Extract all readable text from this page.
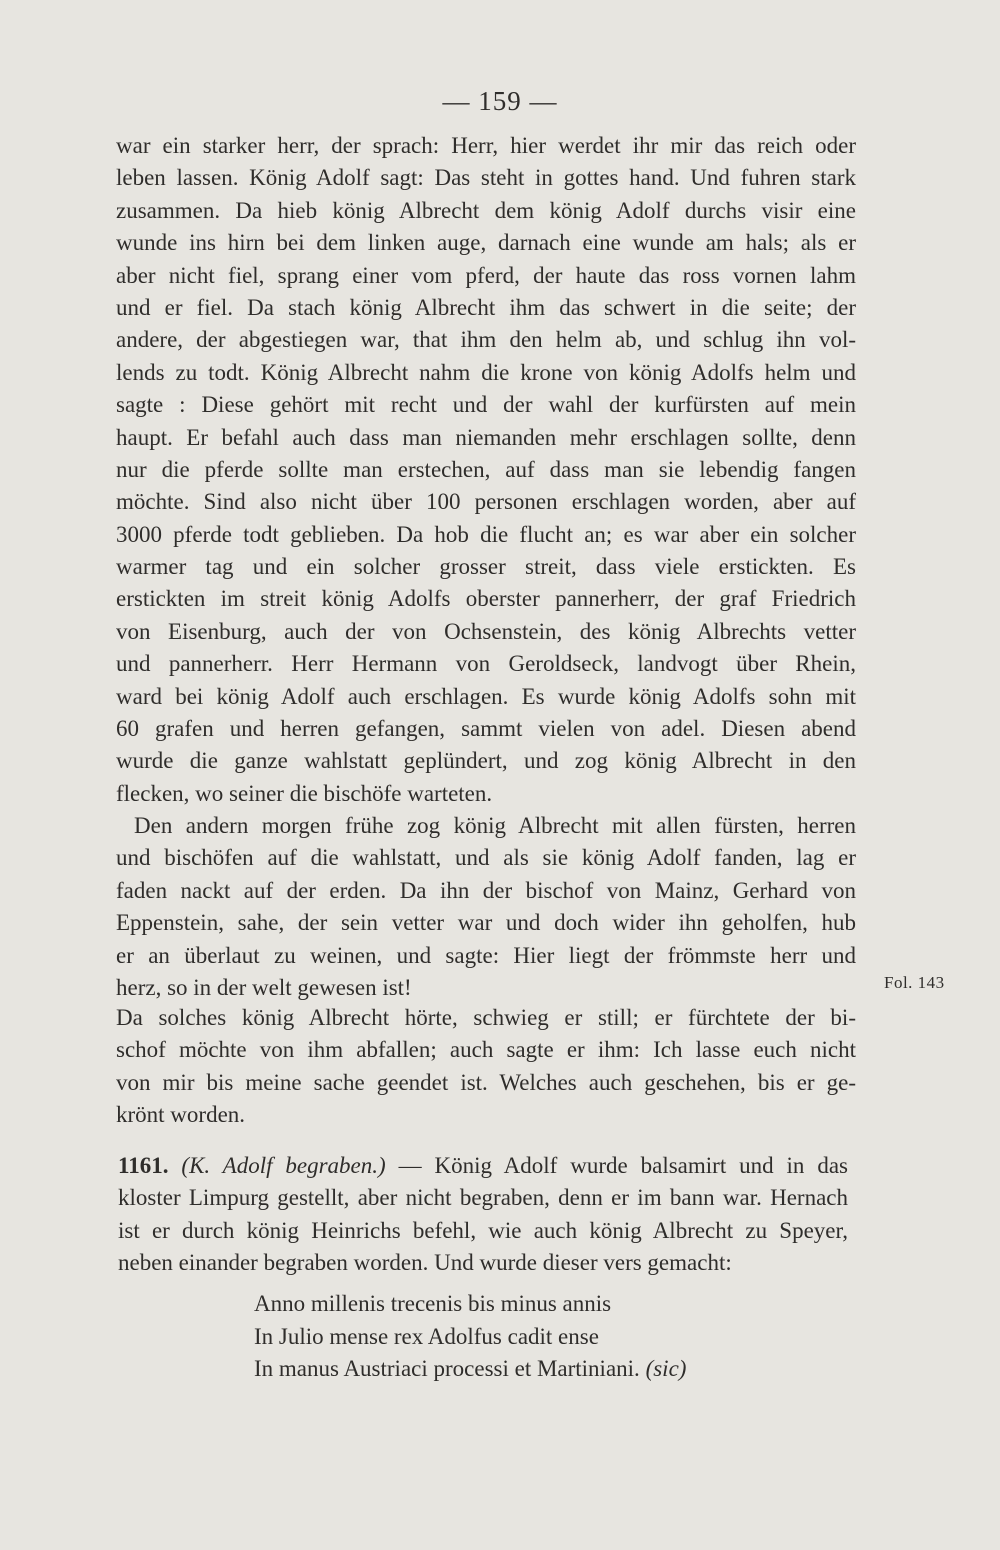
— 159 —
war ein starker herr, der sprach: Herr, hier werdet ihr mir das reich oder
leben lassen. König Adolf sagt: Das steht in gottes hand. Und fuhren stark
zusammen. Da hieb könig Albrecht dem könig Adolf durchs visir eine
wunde ins hirn bei dem linken auge, darnach eine wunde am hals; als er
aber nicht fiel, sprang einer vom pferd, der haute das ross vornen lahm
und er fiel. Da stach könig Albrecht ihm das schwert in die seite; der
andere, der abgestiegen war, that ihm den helm ab, und schlug ihn vol-
lends zu todt. König Albrecht nahm die krone von könig Adolfs helm und
sagte : Diese gehört mit recht und der wahl der kurfürsten auf mein
haupt. Er befahl auch dass man niemanden mehr erschlagen sollte, denn
nur die pferde sollte man erstechen, auf dass man sie lebendig fangen
möchte. Sind also nicht über 100 personen erschlagen worden, aber auf
3000 pferde todt geblieben. Da hob die flucht an; es war aber ein solcher
warmer tag und ein solcher grosser streit, dass viele erstickten. Es
erstickten im streit könig Adolfs oberster pannerherr, der graf Friedrich
von Eisenburg, auch der von Ochsenstein, des könig Albrechts vetter
und pannerherr. Herr Hermann von Geroldseck, landvogt über Rhein,
ward bei könig Adolf auch erschlagen. Es wurde könig Adolfs sohn mit
60 grafen und herren gefangen, sammt vielen von adel. Diesen abend
wurde die ganze wahlstatt geplündert, und zog könig Albrecht in den
flecken, wo seiner die bischöfe warteten.
Den andern morgen frühe zog könig Albrecht mit allen fürsten, herren
und bischöfen auf die wahlstatt, und als sie könig Adolf fanden, lag er
faden nackt auf der erden. Da ihn der bischof von Mainz, Gerhard von
Eppenstein, sahe, der sein vetter war und doch wider ihn geholfen, hub
er an überlaut zu weinen, und sagte: Hier liegt der frömmste herr und
herz, so in der welt gewesen ist!	Fol. 143
Da solches könig Albrecht hörte, schwieg er still; er fürchtete der bi-
schof möchte von ihm abfallen; auch sagte er ihm: Ich lasse euch nicht
von mir bis meine sache geendet ist. Welches auch geschehen, bis er ge-
krönt worden.
1161. (K. Adolf begraben.) — König Adolf wurde balsamirt und in das
kloster Limpurg gestellt, aber nicht begraben, denn er im bann war. Hernach
ist er durch könig Heinrichs befehl, wie auch könig Albrecht zu Speyer,
neben einander begraben worden. Und wurde dieser vers gemacht:
Anno millenis trecenis bis minus annis
In Julio mense rex Adolfus cadit ense
In manus Austriaci processi et Martiniani. (sic)
